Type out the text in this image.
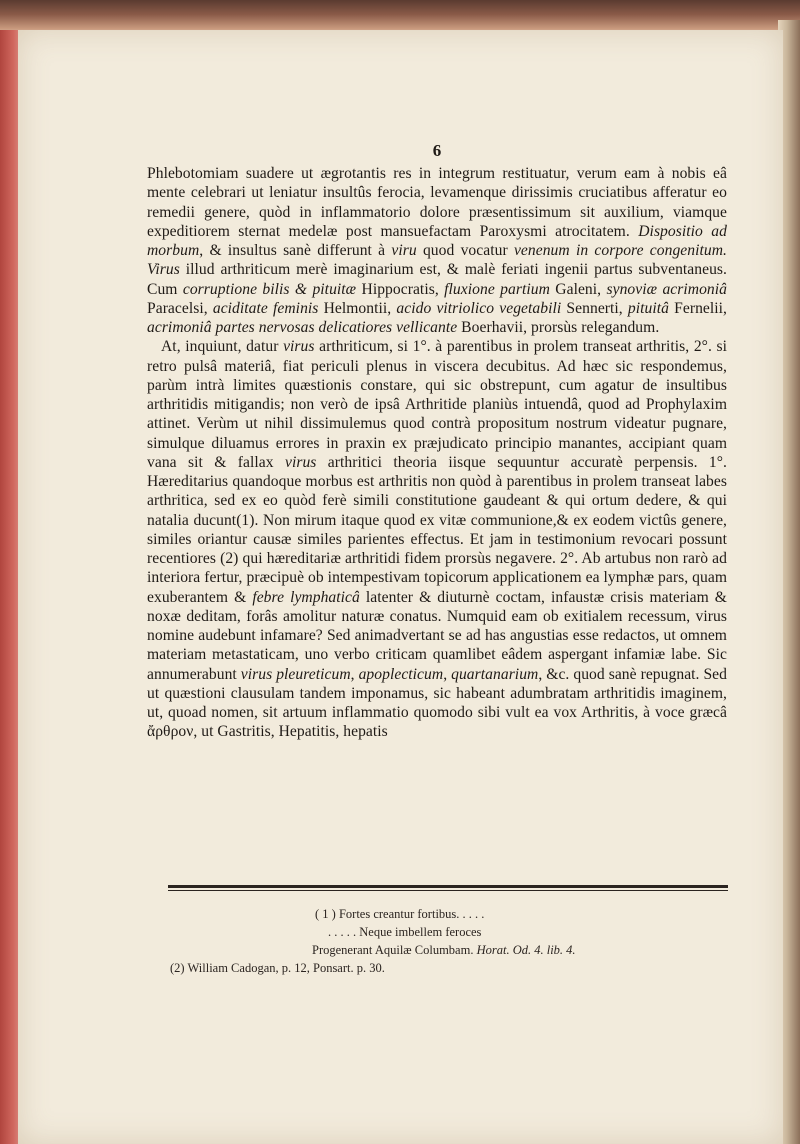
6

Phlebotomiam suadere ut ægrotantis res in integrum restituatur, verum eam à nobis eâ mente celebrari ut leniatur insultûs ferocia, levamenque dirissimis cruciatibus afferatur eo remedii genere, quòd in inflammatorio dolore præsentissimum sit auxilium, viamque expeditiorem sternat medelæ post mansuefactam Paroxysmi atrocitatem. Dispositio ad morbum, & insultus sanè differunt à viru quod vocatur venenum in corpore congenitum. Virus illud arthriticum merè imaginarium est, & malè feriati ingenii partus subventaneus. Cum corruptione bilis & pituitæ Hippocratis, fluxione partium Galeni, synoviæ acrimoniâ Paracelsi, aciditate feminis Helmontii, acido vitriolico vegetabili Sennerti, pituitâ Fernelii, acrimoniâ partes nervosas delicatiores vellicante Boerhavii, prorsùs relegandum.

At, inquiunt, datur virus arthriticum, si 1°. à parentibus in prolem transeat arthritis, 2°. si retro pulsâ materiâ, fiat periculi plenus in viscera decubitus. Ad hæc sic respondemus, parùm intrà limites quæstionis constare, qui sic obstrepunt, cum agatur de insultibus arthritidis mitigandis; non verò de ipsâ Arthritide planiùs intuendâ, quod ad Prophylaxim attinet. Verùm ut nihil dissimulemus quod contrà propositum nostrum videatur pugnare, simulque diluamus errores in praxin ex præjudicato principio manantes, accipiant quam vana sit & fallax virus arthritici theoria iisque sequuntur accuratè perpensis. 1°. Hæreditarius quandoque morbus est arthritis non quòd à parentibus in prolem transeat labes arthritica, sed ex eo quòd ferè simili constitutione gaudeant & qui ortum dedere, & qui natalia ducunt(1). Non mirum itaque quod ex vitæ communione,& ex eodem victûs genere, similes oriantur causæ similes parientes effectus. Et jam in testimonium revocari possunt recentiores (2) qui hæreditariæ arthritidi fidem prorsùs negavere. 2°. Ab artubus non rarò ad interiora fertur, præcipuè ob intempestivam topicorum applicationem ea lymphæ pars, quam exuberantem & febre lymphaticâ latenter & diuturnè coctam, infaustæ crisis materiam & noxæ deditam, forâs amolitur naturæ conatus. Numquid eam ob exitialem recessum, virus nomine audebunt infamare? Sed animadvertant se ad has angustias esse redactos, ut omnem materiam metastaticam, uno verbo criticam quamlibet eâdem aspergant infamiæ labe. Sic annumerabunt virus pleureticum, apoplecticum, quartanarium, &c. quod sanè repugnat. Sed ut quæstioni clausulam tandem imponamus, sic habeant adumbratam arthritidis imaginem, ut, quoad nomen, sit artuum inflammatio quomodo sibi vult ea vox Arthritis, à voce græcâ ἄρθρον, ut Gastritis, Hepatitis, hepatis

( 1 ) Fortes creantur fortibus. . . . .
. . . . . Neque imbellem feroces
Progenerant Aquilæ Columbam. Horat. Od. 4. lib. 4.
(2) William Cadogan, p. 12, Ponsart. p. 30.
